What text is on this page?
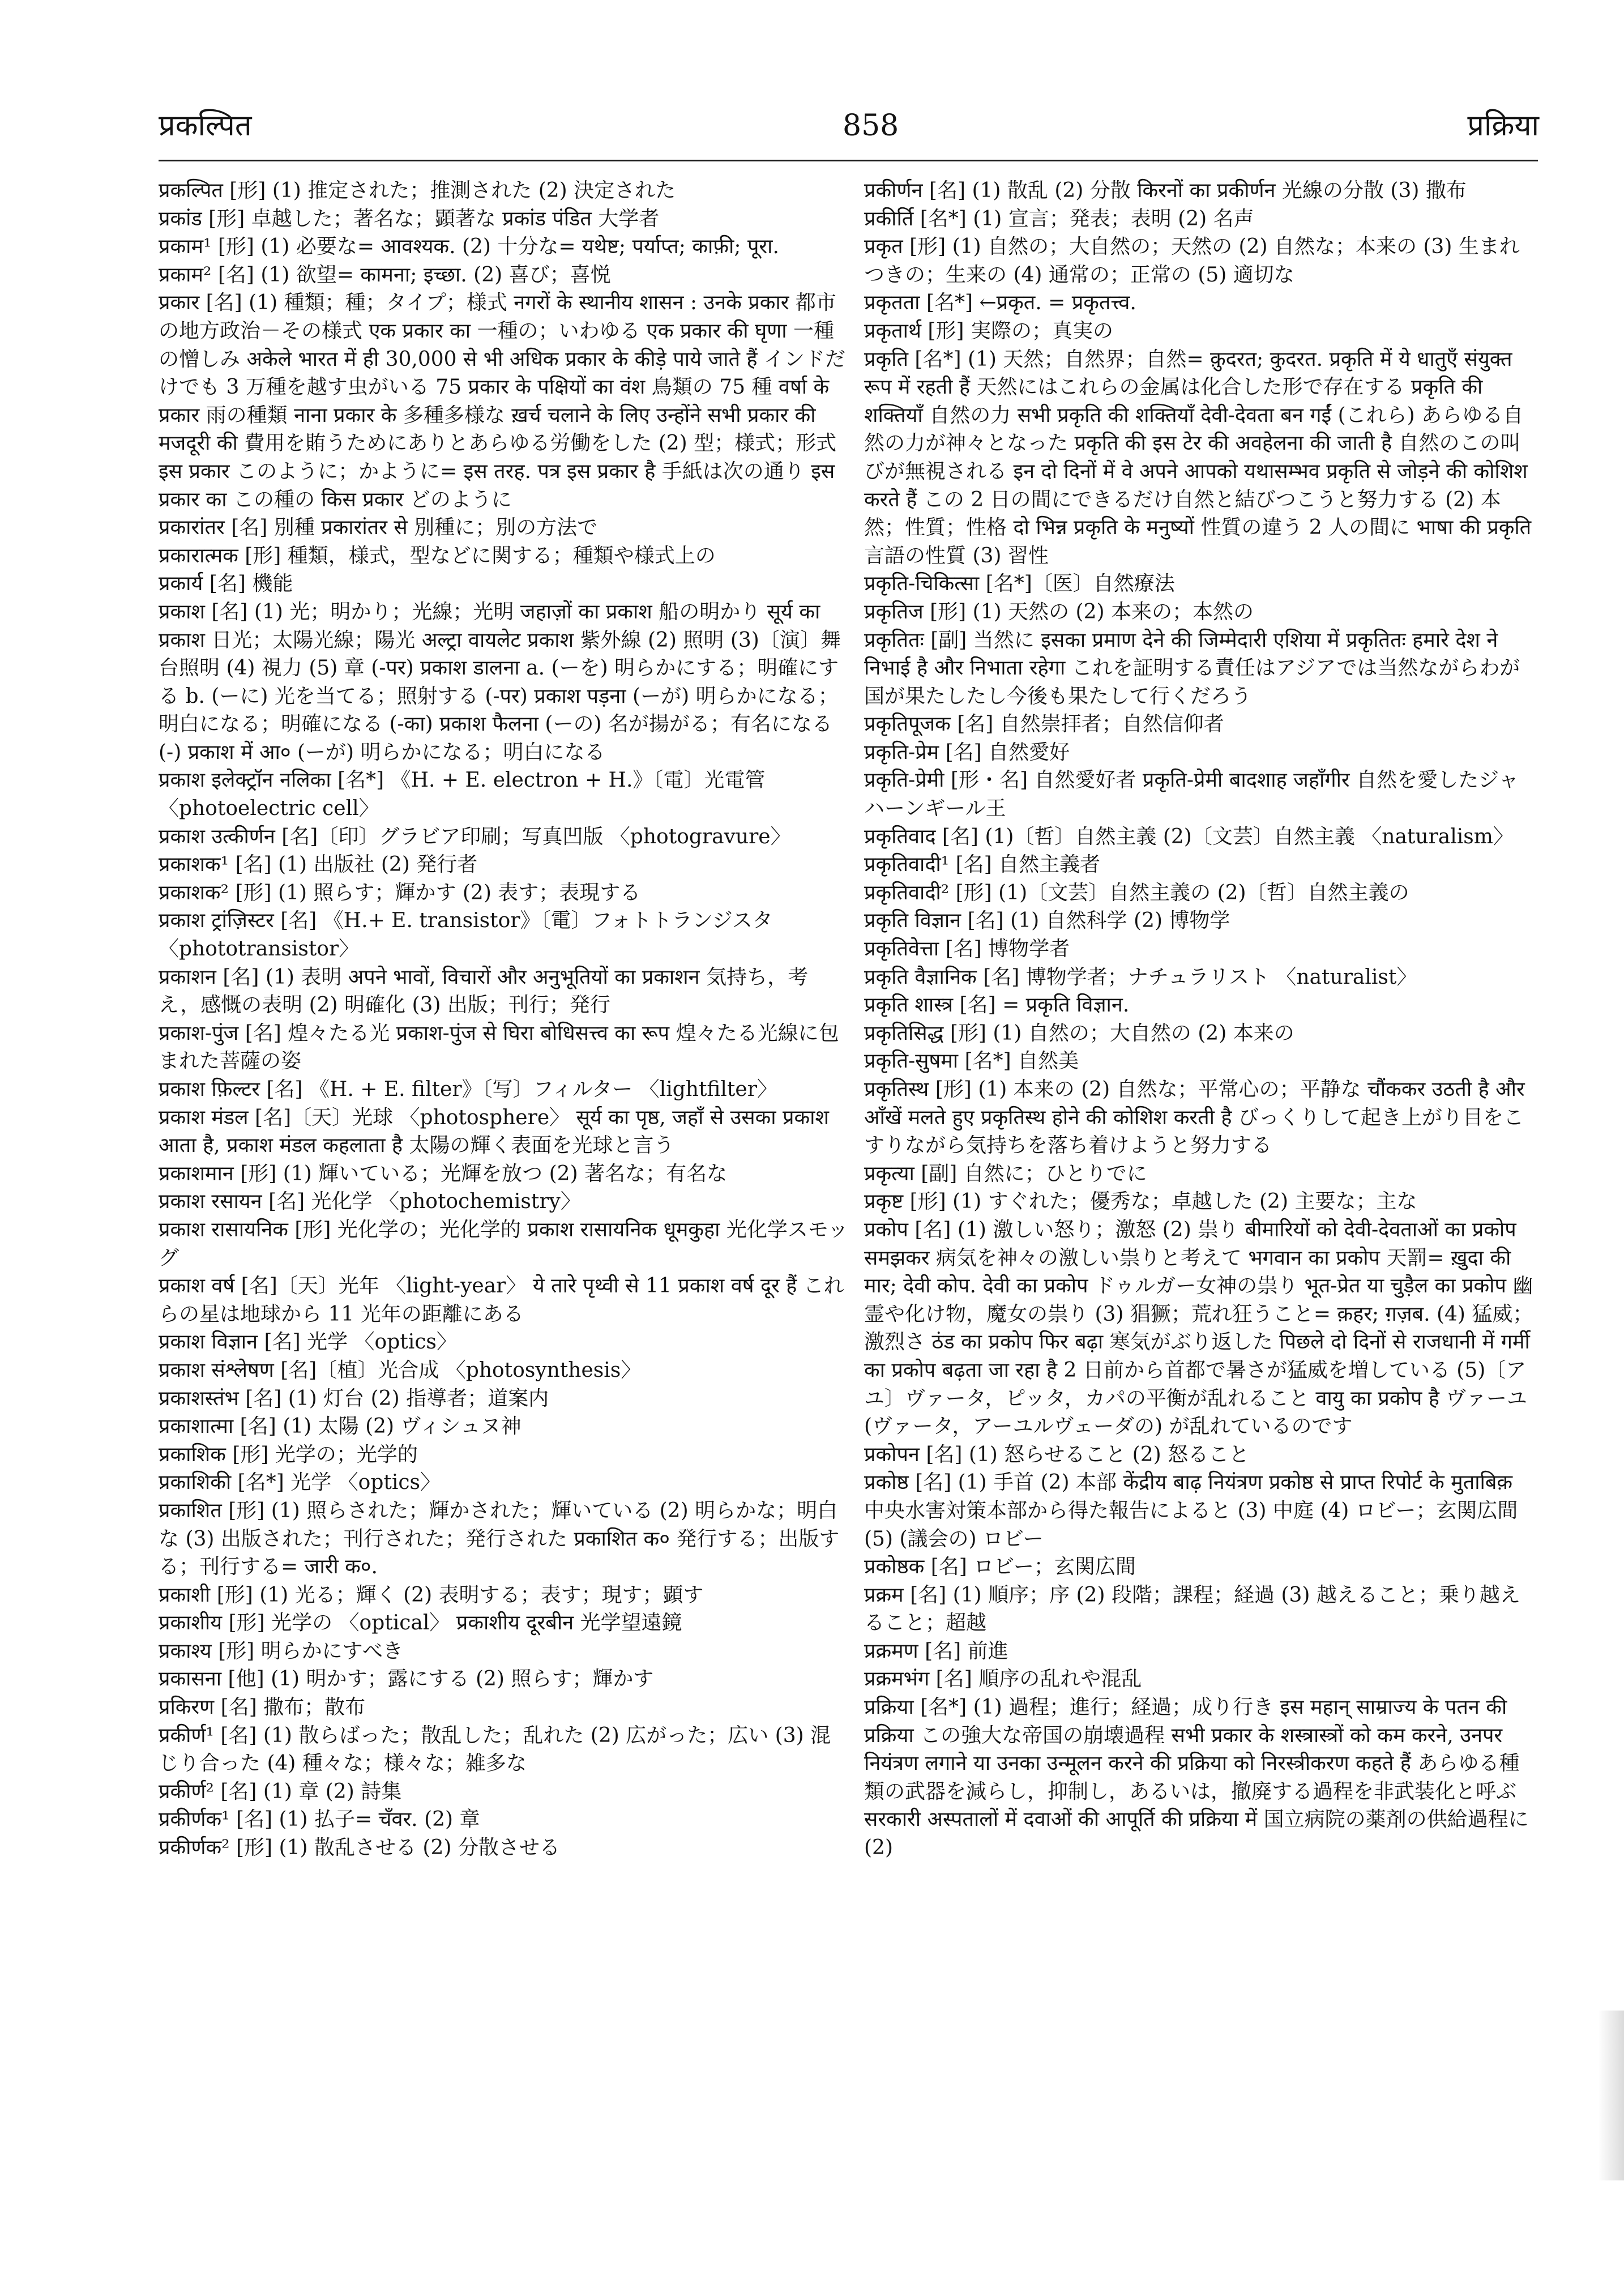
प्रकल्पित	858	प्रक्रिया

प्रकल्पित [形] (1) 推定された；推測された (2) 決定された

प्रकांड [形] 卓越した；著名な；顕著な प्रकांड पंडित 大学者

प्रकाम¹ [形] (1) 必要な= आवश्यक. (2) 十分な= यथेष्ट; पर्याप्त; काफ़ी; पूरा.

प्रकाम² [名] (1) 欲望= कामना; इच्छा. (2) 喜び；喜悦

प्रकार [名] (1) 種類；種；タイプ；様式 नगरों के स्थानीय शासन : उनके प्रकार 都市の地方政治－その様式 एक प्रकार का 一種の；いわゆる एक प्रकार की घृणा 一種の憎しみ अकेले भारत में ही 30,000 से भी अधिक प्रकार के कीड़े पाये जाते हैं インドだけでも 3 万種を越す虫がいる 75 प्रकार के पक्षियों का वंश 鳥類の 75 種 वर्षा के प्रकार 雨の種類 नाना प्रकार के 多種多様な ख़र्च चलाने के लिए उन्होंने सभी प्रकार की मजदूरी की 費用を賄うためにありとあらゆる労働をした (2) 型；様式；形式 इस प्रकार このように；かように= इस तरह. पत्र इस प्रकार है 手紙は次の通り इस प्रकार का この種の किस प्रकार どのように

प्रकारांतर [名] 別種 प्रकारांतर से 別種に；別の方法で

प्रकारात्मक [形] 種類，様式，型などに関する；種類や様式上の

प्रकार्य [名] 機能

प्रकाश [名] (1) 光；明かり；光線；光明 जहाज़ों का प्रकाश 船の明かり सूर्य का प्रकाश 日光；太陽光線；陽光 अल्ट्रा वायलेट प्रकाश 紫外線 (2) 照明 (3)〔演〕舞台照明 (4) 視力 (5) 章 (-पर) प्रकाश डालना a. (ーを) 明らかにする；明確にする b. (ーに) 光を当てる；照射する (-पर) प्रकाश पड़ना (ーが) 明らかになる；明白になる；明確になる (-का) प्रकाश फैलना (ーの) 名が揚がる；有名になる (-) प्रकाश में आ० (ーが) 明らかになる；明白になる

प्रकाश इलेक्ट्रॉन नलिका [名*] 《H. + E. electron + H.》〔電〕光電管 〈photoelectric cell〉

प्रकाश उत्कीर्णन [名]〔印〕グラビア印刷；写真凹版 〈photogravure〉

प्रकाशक¹ [名] (1) 出版社 (2) 発行者

प्रकाशक² [形] (1) 照らす；輝かす (2) 表す；表現する

प्रकाश ट्रांज़िस्टर [名] 《H.+ E. transistor》〔電〕フォトトランジスタ 〈phototransistor〉

प्रकाशन [名] (1) 表明 अपने भावों, विचारों और अनुभूतियों का प्रकाशन 気持ち，考え，感慨の表明 (2) 明確化 (3) 出版；刊行；発行

प्रकाश-पुंज [名] 煌々たる光 प्रकाश-पुंज से घिरा बोधिसत्त्व का रूप 煌々たる光線に包まれた菩薩の姿

प्रकाश फ़िल्टर [名] 《H. + E. filter》〔写〕フィルター 〈lightfilter〉

प्रकाश मंडल [名]〔天〕光球 〈photosphere〉 सूर्य का पृष्ठ, जहाँ से उसका प्रकाश आता है, प्रकाश मंडल कहलाता है 太陽の輝く表面を光球と言う

प्रकाशमान [形] (1) 輝いている；光輝を放つ (2) 著名な；有名な

प्रकाश रसायन [名] 光化学 〈photochemistry〉

प्रकाश रासायनिक [形] 光化学の；光化学的 प्रकाश रासायनिक धूमकुहा 光化学スモッグ

प्रकाश वर्ष [名]〔天〕光年 〈light-year〉 ये तारे पृथ्वी से 11 प्रकाश वर्ष दूर हैं これらの星は地球から 11 光年の距離にある

प्रकाश विज्ञान [名] 光学 〈optics〉

प्रकाश संश्लेषण [名]〔植〕光合成 〈photosynthesis〉

प्रकाशस्तंभ [名] (1) 灯台 (2) 指導者；道案内

प्रकाशात्मा [名] (1) 太陽 (2) ヴィシュヌ神

प्रकाशिक [形] 光学の；光学的

प्रकाशिकी [名*] 光学 〈optics〉

प्रकाशित [形] (1) 照らされた；輝かされた；輝いている (2) 明らかな；明白な (3) 出版された；刊行された；発行された प्रकाशित क० 発行する；出版する；刊行する= जारी क०.

प्रकाशी [形] (1) 光る；輝く (2) 表明する；表す；現す；顕す

प्रकाशीय [形] 光学の 〈optical〉 प्रकाशीय दूरबीन 光学望遠鏡

प्रकाश्य [形] 明らかにすべき

प्रकासना [他] (1) 明かす；露にする (2) 照らす；輝かす

प्रकिरण [名] 撒布；散布

प्रकीर्ण¹ [名] (1) 散らばった；散乱した；乱れた (2) 広がった；広い (3) 混じり合った (4) 種々な；様々な；雑多な

प्रकीर्ण² [名] (1) 章 (2) 詩集

प्रकीर्णक¹ [名] (1) 払子= चँवर. (2) 章

प्रकीर्णक² [形] (1) 散乱させる (2) 分散させる

प्रकीर्णन [名] (1) 散乱 (2) 分散 किरनों का प्रकीर्णन 光線の分散 (3) 撒布

प्रकीर्ति [名*] (1) 宣言；発表；表明 (2) 名声

प्रकृत [形] (1) 自然の；大自然の；天然の (2) 自然な；本来の (3) 生まれつきの；生来の (4) 通常の；正常の (5) 適切な

प्रकृतता [名*] ←प्रकृत. = प्रकृतत्त्व.

प्रकृतार्थ [形] 実際の；真実の

प्रकृति [名*] (1) 天然；自然界；自然= क़ुदरत; कुदरत. प्रकृति में ये धातुएँ संयुक्त रूप में रहती हैं 天然にはこれらの金属は化合した形で存在する प्रकृति की शक्तियाँ 自然の力 सभी प्रकृति की शक्तियाँ देवी-देवता बन गईं (これら) あらゆる自然の力が神々となった प्रकृति की इस टेर की अवहेलना की जाती है 自然のこの叫びが無視される इन दो दिनों में वे अपने आपको यथासम्भव प्रकृति से जोड़ने की कोशिश करते हैं この 2 日の間にできるだけ自然と結びつこうと努力する (2) 本然；性質；性格 दो भिन्न प्रकृति के मनुष्यों 性質の違う 2 人の間に भाषा की प्रकृति 言語の性質 (3) 習性

प्रकृति-चिकित्सा [名*]〔医〕自然療法

प्रकृतिज [形] (1) 天然の (2) 本来の；本然の

प्रकृतितः [副] 当然に इसका प्रमाण देने की जिम्मेदारी एशिया में प्रकृतितः हमारे देश ने निभाई है और निभाता रहेगा これを証明する責任はアジアでは当然ながらわが国が果たしたし今後も果たして行くだろう

प्रकृतिपूजक [名] 自然崇拝者；自然信仰者

प्रकृति-प्रेम [名] 自然愛好

प्रकृति-प्रेमी [形・名] 自然愛好者 प्रकृति-प्रेमी बादशाह जहाँगीर 自然を愛したジャハーンギール王

प्रकृतिवाद [名] (1)〔哲〕自然主義 (2)〔文芸〕自然主義 〈naturalism〉

प्रकृतिवादी¹ [名] 自然主義者

प्रकृतिवादी² [形] (1)〔文芸〕自然主義の (2)〔哲〕自然主義の

प्रकृति विज्ञान [名] (1) 自然科学 (2) 博物学

प्रकृतिवेत्ता [名] 博物学者

प्रकृति वैज्ञानिक [名] 博物学者；ナチュラリスト 〈naturalist〉

प्रकृति शास्त्र [名] = प्रकृति विज्ञान.

प्रकृतिसिद्ध [形] (1) 自然の；大自然の (2) 本来の

प्रकृति-सुषमा [名*] 自然美

प्रकृतिस्थ [形] (1) 本来の (2) 自然な；平常心の；平静な चौंककर उठती है और आँखें मलते हुए प्रकृतिस्थ होने की कोशिश करती है びっくりして起き上がり目をこすりながら気持ちを落ち着けようと努力する

प्रकृत्या [副] 自然に；ひとりでに

प्रकृष्ट [形] (1) すぐれた；優秀な；卓越した (2) 主要な；主な

प्रकोप [名] (1) 激しい怒り；激怒 (2) 祟り बीमारियों को देवी-देवताओं का प्रकोप समझकर 病気を神々の激しい祟りと考えて भगवान का प्रकोप 天罰= ख़ुदा की मार; देवी कोप. देवी का प्रकोप ドゥルガー女神の祟り भूत-प्रेत या चुड़ैल का प्रकोप 幽霊や化け物，魔女の祟り (3) 猖獗；荒れ狂うこと= क़हर; ग़ज़ब. (4) 猛威；激烈さ ठंड का प्रकोप फिर बढ़ा 寒気がぶり返した पिछले दो दिनों से राजधानी में गर्मी का प्रकोप बढ़ता जा रहा है 2 日前から首都で暑さが猛威を増している (5)〔アユ〕ヴァータ，ピッタ，カパの平衡が乱れること वायु का प्रकोप है ヴァーユ (ヴァータ，アーユルヴェーダの) が乱れているのです

प्रकोपन [名] (1) 怒らせること (2) 怒ること

प्रकोष्ठ [名] (1) 手首 (2) 本部 केंद्रीय बाढ़ नियंत्रण प्रकोष्ठ से प्राप्त रिपोर्ट के मुताबिक़ 中央水害対策本部から得た報告によると (3) 中庭 (4) ロビー；玄関広間 (5) (議会の) ロビー

प्रकोष्ठक [名] ロビー；玄関広間

प्रक्रम [名] (1) 順序；序 (2) 段階；課程；経過 (3) 越えること；乗り越えること；超越

प्रक्रमण [名] 前進

प्रक्रमभंग [名] 順序の乱れや混乱

प्रक्रिया [名*] (1) 過程；進行；経過；成り行き इस महान् साम्राज्य के पतन की प्रक्रिया この強大な帝国の崩壊過程 सभी प्रकार के शस्त्रास्त्रों को कम करने, उनपर नियंत्रण लगाने या उनका उन्मूलन करने की प्रक्रिया को निरस्त्रीकरण कहते हैं あらゆる種類の武器を減らし，抑制し，あるいは，撤廃する過程を非武装化と呼ぶ सरकारी अस्पतालों में दवाओं की आपूर्ति की प्रक्रिया में 国立病院の薬剤の供給過程に (2)
